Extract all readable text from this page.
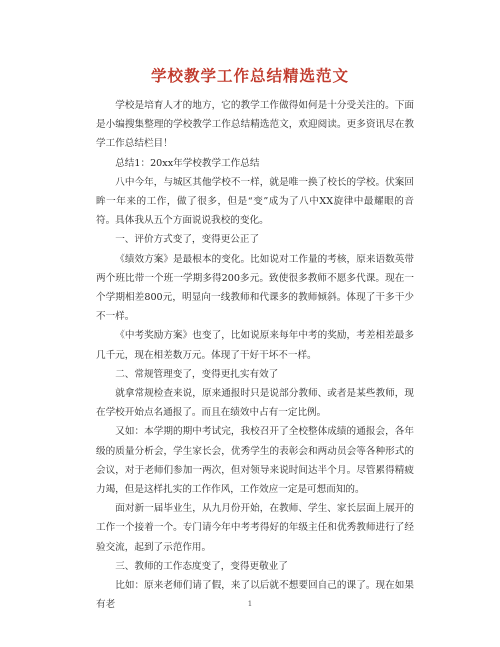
学校教学工作总结精选范文

学校是培育人才的地方，它的教学工作做得如何是十分受关注的。下面是小编搜集整理的学校教学工作总结精选范文，欢迎阅读。更多资讯尽在教学工作总结栏目！

总结1：20xx年学校教学工作总结

八中今年，与城区其他学校不一样，就是唯一换了校长的学校。伏案回眸一年来的工作，做了很多，但是“变”成为了八中XX旋律中最耀眼的音符。具体我从五个方面说说我校的变化。

一、评价方式变了，变得更公正了

《绩效方案》是最根本的变化。比如说对工作量的考核，原来语数英带两个班比带一个班一学期多得200多元。致使很多教师不愿多代课。现在一个学期相差800元，明显向一线教师和代课多的教师倾斜。体现了干多干少不一样。

《中考奖励方案》也变了，比如说原来每年中考的奖励，考差相差最多几千元，现在相差数万元。体现了干好干坏不一样。

二、常规管理变了，变得更扎实有效了

就拿常规检查来说，原来通报时只是说部分教师、或者是某些教师，现在学校开始点名通报了。而且在绩效中占有一定比例。

又如：本学期的期中考试完，我校召开了全校整体成绩的通报会，各年级的质量分析会，学生家长会，优秀学生的表彰会和两动员会等各种形式的会议，对于老师们参加一两次，但对领导来说时间达半个月。尽管累得精疲力竭，但是这样扎实的工作作风，工作效应一定是可想而知的。

面对新一届毕业生，从九月份开始，在教师、学生、家长层面上展开的工作一个接着一个。专门请今年中考考得好的年级主任和优秀教师进行了经验交流，起到了示范作用。

三、教师的工作态度变了，变得更敬业了

比如：原来老师们请了假，来了以后就不想要回自己的课了。现在如果有老	1
